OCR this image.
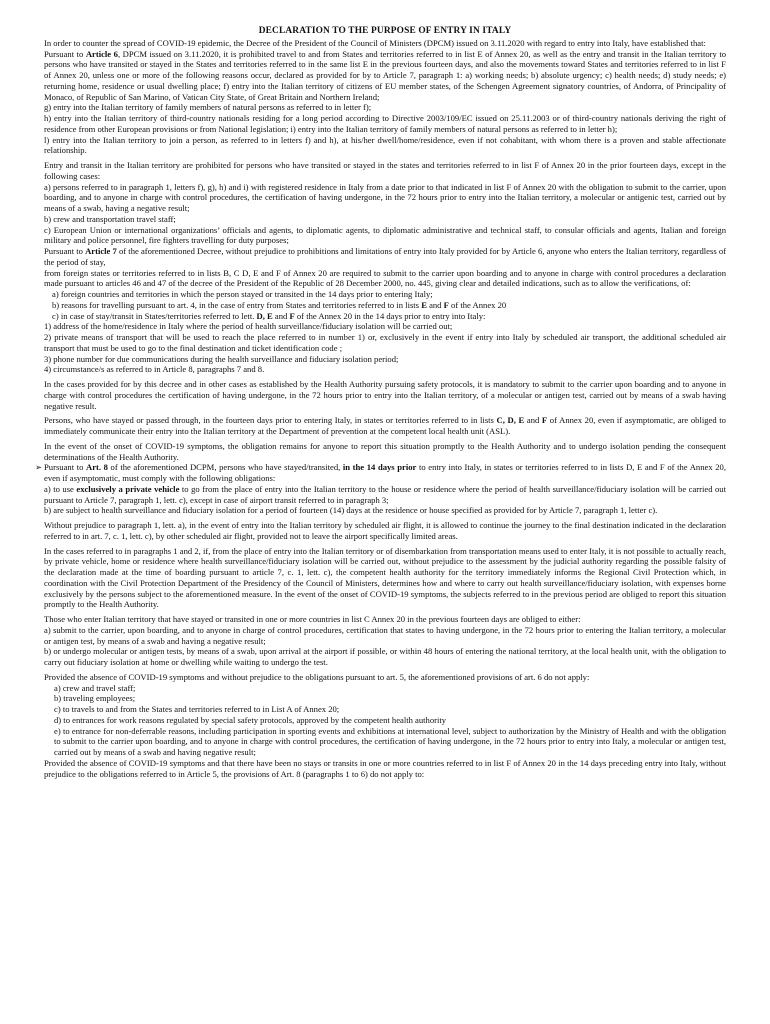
DECLARATION TO THE PURPOSE OF ENTRY IN ITALY

In order to counter the spread of COVID-19 epidemic, the Decree of the President of the Council of Ministers (DPCM) issued on 3.11.2020 with regard to entry into Italy, have established that:

Pursuant to Article 6, DPCM issued on 3.11.2020, it is prohibited travel to and from States and territories referred to in list E of Annex 20, as well as the entry and transit in the Italian territory to persons who have transited or stayed in the States and territories referred to in the same list E in the previous fourteen days, and also the movements toward States and territories referred to in list F of Annex 20, unless one or more of the following reasons occur, declared as provided for by to Article 7, paragraph 1: a) working needs; b) absolute urgency; c) health needs; d) study needs; e) returning home, residence or usual dwelling place; f) entry into the Italian territory of citizens of EU member states, of the Schengen Agreement signatory countries, of Andorra, of Principality of Monaco, of Republic of San Marino, of Vatican City State, of Great Britain and Northern Ireland;

g) entry into the Italian territory of family members of natural persons as referred to in letter f);

h) entry into the Italian territory of third-country nationals residing for a long period according to Directive 2003/109/EC issued on 25.11.2003 or of third-country nationals deriving the right of residence from other European provisions or from National legislation; i) entry into the Italian territory of family members of natural persons as referred to in letter h);

l) entry into the Italian territory to join a person, as referred to in letters f) and h), at his/her dwell/home/residence, even if not cohabitant, with whom there is a proven and stable affectionate relationship.

Entry and transit in the Italian territory are prohibited for persons who have transited or stayed in the states and territories referred to in list F of Annex 20 in the prior fourteen days, except in the following cases:

a) persons referred to in paragraph 1, letters f), g), h) and i) with registered residence in Italy from a date prior to that indicated in list F of Annex 20 with the obligation to submit to the carrier, upon boarding, and to anyone in charge with control procedures, the certification of having undergone, in the 72 hours prior to entry into the Italian territory, a molecular or antigenic test, carried out by means of a swab, having a negative result;

b) crew and transportation travel staff;

c) European Union or international organizations’ officials and agents, to diplomatic agents, to diplomatic administrative and technical staff, to consular officials and agents, Italian and foreign military and police personnel, fire fighters travelling for duty purposes;

Pursuant to Article 7 of the aforementioned Decree, without prejudice to prohibitions and limitations of entry into Italy provided for by Article 6, anyone who enters the Italian territory, regardless of the period of stay,

from foreign states or territories referred to in lists B, C D, E and F of Annex 20 are required to submit to the carrier upon boarding and to anyone in charge with control procedures a declaration made pursuant to articles 46 and 47 of the decree of the President of the Republic of 28 December 2000, no. 445, giving clear and detailed indications, such as to allow the verifications, of:

a) foreign countries and territories in which the person stayed or transited in the 14 days prior to entering Italy;

b) reasons for travelling pursuant to art. 4, in the case of entry from States and territories referred to in lists E and F of the Annex 20

c) in case of stay/transit in States/territories referred to lett. D, E and F of the Annex 20 in the 14 days prior to entry into Italy:

1) address of the home/residence in Italy where the period of health surveillance/fiduciary isolation will be carried out;

2) private means of transport that will be used to reach the place referred to in number 1) or, exclusively in the event if entry into Italy by scheduled air transport, the additional scheduled air transport that must be used to go to the final destination and ticket identification code ;

3) phone number for due communications during the health surveillance and fiduciary isolation period;

4) circumstance/s as referred to in Article 8, paragraphs 7 and 8.

In the cases provided for by this decree and in other cases as established by the Health Authority pursuing safety protocols, it is mandatory to submit to the carrier upon boarding and to anyone in charge with control procedures the certification of having undergone, in the 72 hours prior to entry into the Italian territory, of a molecular or antigen test, carried out by means of a swab having negative result.

Persons, who have stayed or passed through, in the fourteen days prior to entering Italy, in states or territories referred to in lists C, D, E and F of Annex 20, even if asymptomatic, are obliged to immediately communicate their entry into the Italian territory at the Department of prevention at the competent local health unit (ASL).

In the event of the onset of COVID-19 symptoms, the obligation remains for anyone to report this situation promptly to the Health Authority and to undergo isolation pending the consequent determinations of the Health Authority.

➢ Pursuant to Art. 8 of the aforementioned DCPM, persons who have stayed/transited, in the 14 days prior to entry into Italy, in states or territories referred to in lists D, E and F of the Annex 20, even if asymptomatic, must comply with the following obligations:

a) to use exclusively a private vehicle to go from the place of entry into the Italian territory to the house or residence where the period of health surveillance/fiduciary isolation will be carried out pursuant to Article 7, paragraph 1, lett. c), except in case of airport transit referred to in paragraph 3;

b) are subject to health surveillance and fiduciary isolation for a period of fourteen (14) days at the residence or house specified as provided for by Article 7, paragraph 1, letter c).

Without prejudice to paragraph 1, lett. a), in the event of entry into the Italian territory by scheduled air flight, it is allowed to continue the journey to the final destination indicated in the declaration referred to in art. 7, c. 1, lett. c), by other scheduled air flight, provided not to leave the airport specifically limited areas.

In the cases referred to in paragraphs 1 and 2, if, from the place of entry into the Italian territory or of disembarkation from transportation means used to enter Italy, it is not possible to actually reach, by private vehicle, home or residence where health surveillance/fiduciary isolation will be carried out, without prejudice to the assessment by the judicial authority regarding the possible falsity of the declaration made at the time of boarding pursuant to article 7, c. 1, lett. c), the competent health authority for the territory immediately informs the Regional Civil Protection which, in coordination with the Civil Protection Department of the Presidency of the Council of Ministers, determines how and where to carry out health surveillance/fiduciary isolation, with expenses borne exclusively by the persons subject to the aforementioned measure. In the event of the onset of COVID-19 symptoms, the subjects referred to in the previous period are obliged to report this situation promptly to the Health Authority.

Those who enter Italian territory that have stayed or transited in one or more countries in list C Annex 20 in the previous fourteen days are obliged to either:

a) submit to the carrier, upon boarding, and to anyone in charge of control procedures, certification that states to having undergone, in the 72 hours prior to entering the Italian territory, a molecular or antigen test, by means of a swab and having a negative result;

b) or undergo molecular or antigen tests, by means of a swab, upon arrival at the airport if possible, or within 48 hours of entering the national territory, at the local health unit, with the obligation to carry out fiduciary isolation at home or dwelling while waiting to undergo the test.

Provided the absence of COVID-19 symptoms and without prejudice to the obligations pursuant to art. 5, the aforementioned provisions of art. 6 do not apply:

a) crew and travel staff;

b) traveling employees;

c) to travels to and from the States and territories referred to in List A of Annex 20;

d) to entrances for work reasons regulated by special safety protocols, approved by the competent health authority

e) to entrance for non-deferrable reasons, including participation in sporting events and exhibitions at international level, subject to authorization by the Ministry of Health and with the obligation to submit to the carrier upon boarding, and to anyone in charge with control procedures, the certification of having undergone, in the 72 hours prior to entry into Italy, a molecular or antigen test, carried out by means of a swab and having negative result;

Provided the absence of COVID-19 symptoms and that there have been no stays or transits in one or more countries referred to in list F of Annex 20 in the 14 days preceding entry into Italy, without prejudice to the obligations referred to in Article 5, the provisions of Art. 8 (paragraphs 1 to 6) do not apply to:
